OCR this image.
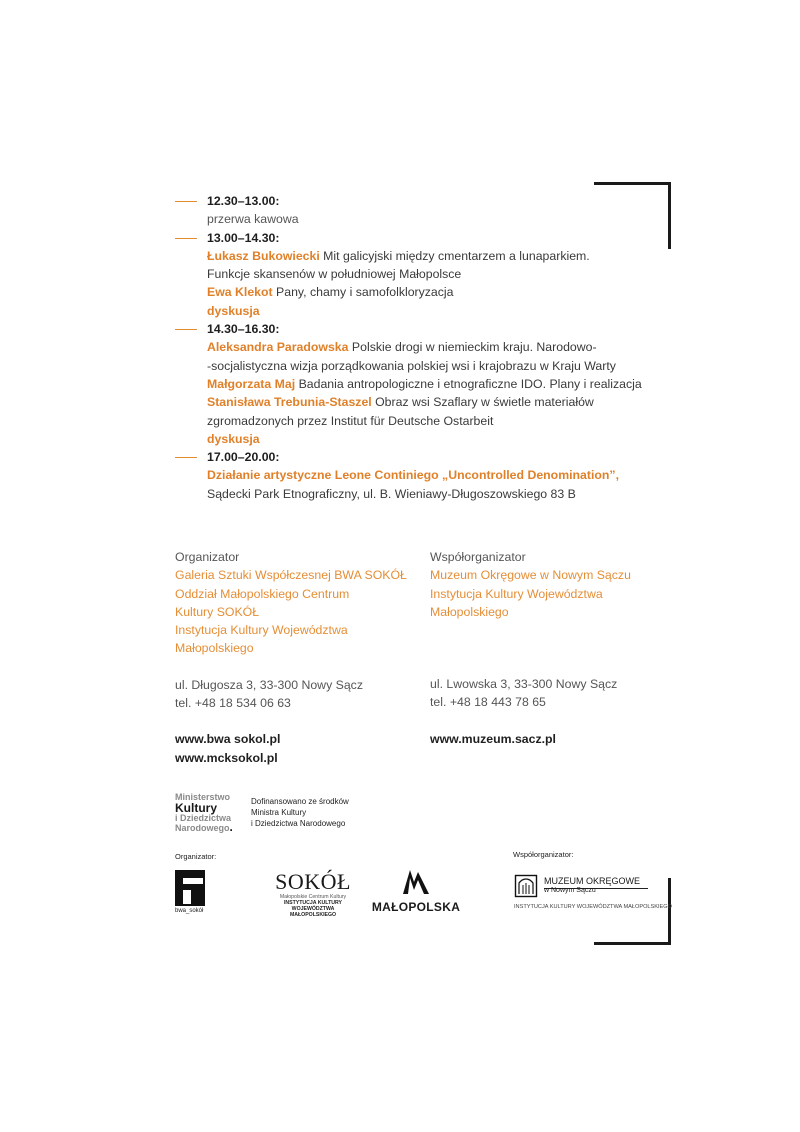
12.30–13.00:
przerwa kawowa
13.00–14.30:
Łukasz Bukowiecki Mit galicyjski między cmentarzem a lunaparkiem.
Funkcje skansenów w południowej Małopolsce
Ewa Klekot Pany, chamy i samofolkloryzacja
dyskusja
14.30–16.30:
Aleksandra Paradowska Polskie drogi w niemieckim kraju. Narodowo-
-socjalistyczna wizja porządkowania polskiej wsi i krajobrazu w Kraju Warty
Małgorzata Maj Badania antropologiczne i etnograficzne IDO. Plany i realizacja
Stanisława Trebunia-Staszel Obraz wsi Szaflary w świetle materiałów
zgromadzonych przez Institut für Deutsche Ostarbeit
dyskusja
17.00–20.00:
Działanie artystyczne Leone Continiego „Uncontrolled Denomination”,
Sądecki Park Etnograficzny, ul. B. Wieniawy-Długoszowskiego 83 B
Organizator
Galeria Sztuki Współczesnej BWA SOKÓŁ
Oddział Małopolskiego Centrum
Kultury SOKÓŁ
Instytucja Kultury Województwa
Małopolskiego
ul. Długosza 3, 33-300 Nowy Sącz
tel. +48 18 534 06 63
www.bwa sokol.pl
www.mcksokol.pl
Współorganizator
Muzeum Okręgowe w Nowym Sączu
Instytucja Kultury Województwa
Małopolskiego
ul. Lwowska 3, 33-300 Nowy Sącz
tel. +48 18 443 78 65
www.muzeum.sacz.pl
Ministerstwo
Kultury
i Dziedzictwa
Narodowego.
Dofinansowano ze środków
Ministra Kultury
i Dziedzictwa Narodowego
Organizator:	Współorganizator:
bwa_sokół
SOKÓŁ
Małopolskie Centrum Kultury
INSTYTUCJA KULTURY
WOJEWÓDZTWA MAŁOPOLSKIEGO
MAŁOPOLSKA
MUZEUM OKRĘGOWE
w Nowym Sączu
INSTYTUCJA KULTURY WOJEWÓDZTWA MAŁOPOLSKIEGO
